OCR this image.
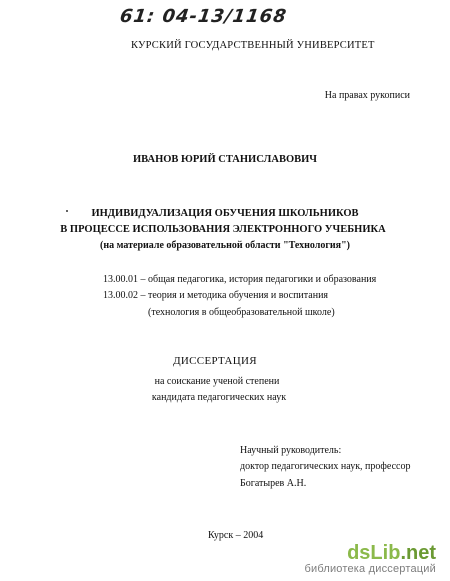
61: 04-13/1168
КУРСКИЙ ГОСУДАРСТВЕННЫЙ УНИВЕРСИТЕТ
На правах рукописи
ИВАНОВ ЮРИЙ СТАНИСЛАВОВИЧ
ИНДИВИДУАЛИЗАЦИЯ ОБУЧЕНИЯ ШКОЛЬНИКОВ
В ПРОЦЕССЕ ИСПОЛЬЗОВАНИЯ ЭЛЕКТРОННОГО УЧЕБНИКА
(на материале образовательной области "Технология")
13.00.01 – общая педагогика, история педагогики и образования
13.00.02 – теория и методика обучения и воспитания
(технология в общеобразовательной школе)
ДИССЕРТАЦИЯ
на соискание ученой степени
кандидата педагогических наук
Научный руководитель:
доктор педагогических наук, профессор
Богатырев А.Н.
Курск – 2004
dsLib.net
библиотека диссертаций
